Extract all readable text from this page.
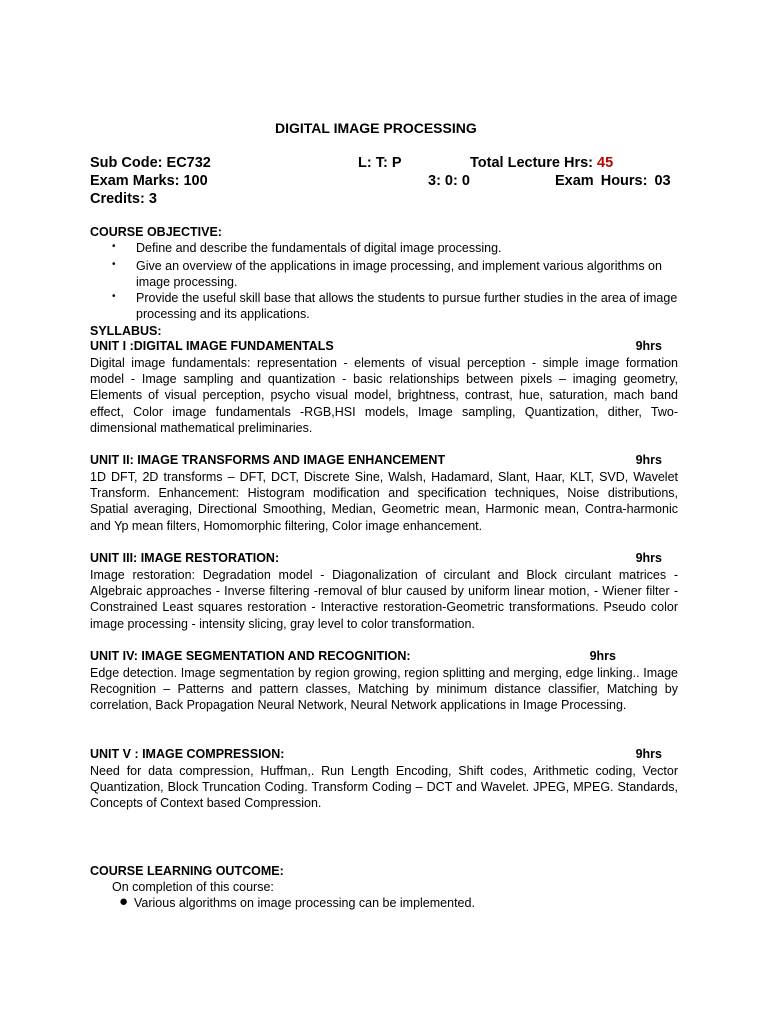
DIGITAL IMAGE PROCESSING
Sub Code: EC732	L: T: P	Total Lecture Hrs: 45
Exam Marks: 100	3: 0: 0	Exam Hours: 03
Credits: 3
COURSE OBJECTIVE:
• Define and describe the fundamentals of digital image processing.
• Give an overview of the applications in image processing, and implement various algorithms on image processing.
• Provide the useful skill base that allows the students to pursue further studies in the area of image processing and its applications.
SYLLABUS:
UNIT I :DIGITAL IMAGE FUNDAMENTALS	9hrs
Digital image fundamentals: representation - elements of visual perception - simple image formation model - Image sampling and quantization - basic relationships between pixels – imaging geometry, Elements of visual perception, psycho visual model, brightness, contrast, hue, saturation, mach band effect, Color image fundamentals -RGB,HSI models, Image sampling, Quantization, dither, Two-dimensional mathematical preliminaries.
UNIT II: IMAGE TRANSFORMS AND IMAGE ENHANCEMENT	9hrs
1D DFT, 2D transforms – DFT, DCT, Discrete Sine, Walsh, Hadamard, Slant, Haar, KLT, SVD, Wavelet Transform. Enhancement: Histogram modification and specification techniques, Noise distributions, Spatial averaging, Directional Smoothing, Median, Geometric mean, Harmonic mean, Contra-harmonic and Yp mean filters, Homomorphic filtering, Color image enhancement.
UNIT III: IMAGE RESTORATION:	9hrs
Image restoration: Degradation model - Diagonalization of circulant and Block circulant matrices - Algebraic approaches - Inverse filtering -removal of blur caused by uniform linear motion, - Wiener filter - Constrained Least squares restoration - Interactive restoration-Geometric transformations. Pseudo color image processing - intensity slicing, gray level to color transformation.
UNIT IV: IMAGE SEGMENTATION AND RECOGNITION:	9hrs
Edge detection. Image segmentation by region growing, region splitting and merging, edge linking.. Image Recognition – Patterns and pattern classes, Matching by minimum distance classifier, Matching by correlation, Back Propagation Neural Network, Neural Network applications in Image Processing.
UNIT V : IMAGE COMPRESSION:	9hrs
Need for data compression, Huffman,. Run Length Encoding, Shift codes, Arithmetic coding, Vector Quantization, Block Truncation Coding. Transform Coding – DCT and Wavelet. JPEG, MPEG. Standards, Concepts of Context based Compression.
COURSE LEARNING OUTCOME:
On completion of this course:
● Various algorithms on image processing can be implemented.
